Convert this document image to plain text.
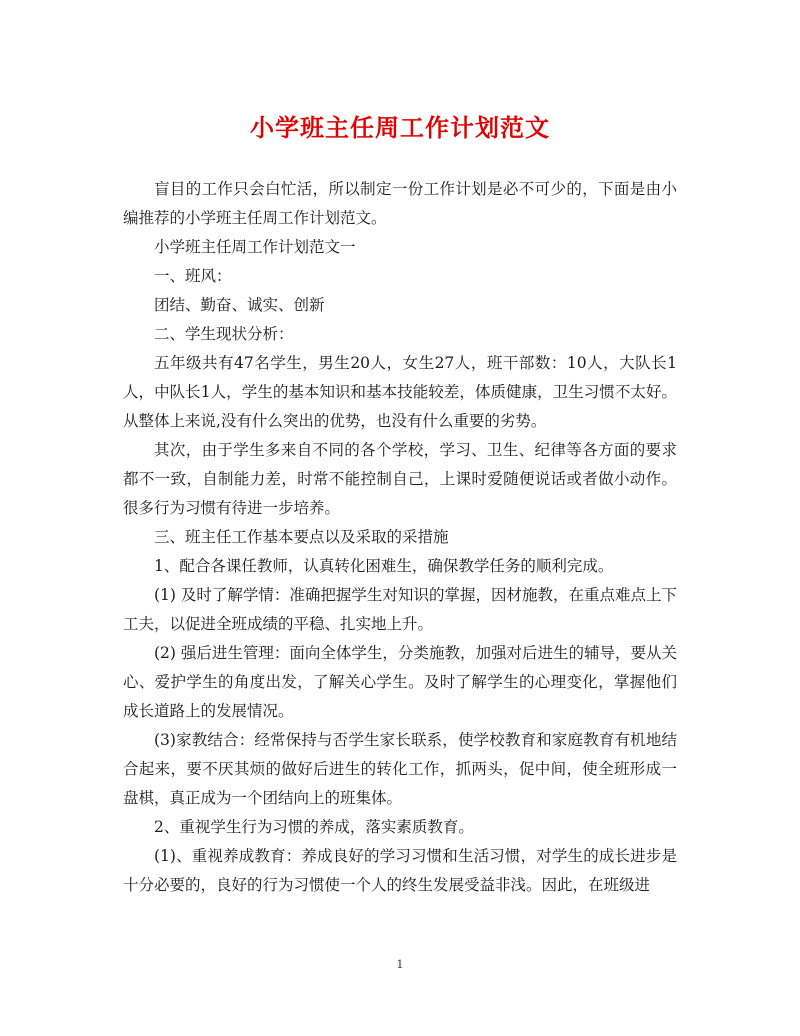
小学班主任周工作计划范文

盲目的工作只会白忙活，所以制定一份工作计划是必不可少的，下面是由小编推荐的小学班主任周工作计划范文。

小学班主任周工作计划范文一

一、班风：

团结、勤奋、诚实、创新

二、学生现状分析：

五年级共有47名学生，男生20人，女生27人，班干部数：10人，大队长1人，中队长1人，学生的基本知识和基本技能较差，体质健康，卫生习惯不太好。从整体上来说,没有什么突出的优势，也没有什么重要的劣势。

其次，由于学生多来自不同的各个学校，学习、卫生、纪律等各方面的要求都不一致，自制能力差，时常不能控制自己，上课时爱随便说话或者做小动作。很多行为习惯有待进一步培养。

三、班主任工作基本要点以及采取的采措施

1、配合各课任教师，认真转化困难生，确保教学任务的顺利完成。

(1) 及时了解学情：准确把握学生对知识的掌握，因材施教，在重点难点上下工夫，以促进全班成绩的平稳、扎实地上升。

(2) 强后进生管理：面向全体学生，分类施教，加强对后进生的辅导，要从关心、爱护学生的角度出发，了解关心学生。及时了解学生的心理变化，掌握他们成长道路上的发展情况。

(3)家教结合：经常保持与否学生家长联系，使学校教育和家庭教育有机地结合起来，要不厌其烦的做好后进生的转化工作，抓两头，促中间，使全班形成一盘棋，真正成为一个团结向上的班集体。

2、重视学生行为习惯的养成，落实素质教育。

(1)、重视养成教育：养成良好的学习习惯和生活习惯，对学生的成长进步是十分必要的，良好的行为习惯使一个人的终生发展受益非浅。因此，在班级进

1
